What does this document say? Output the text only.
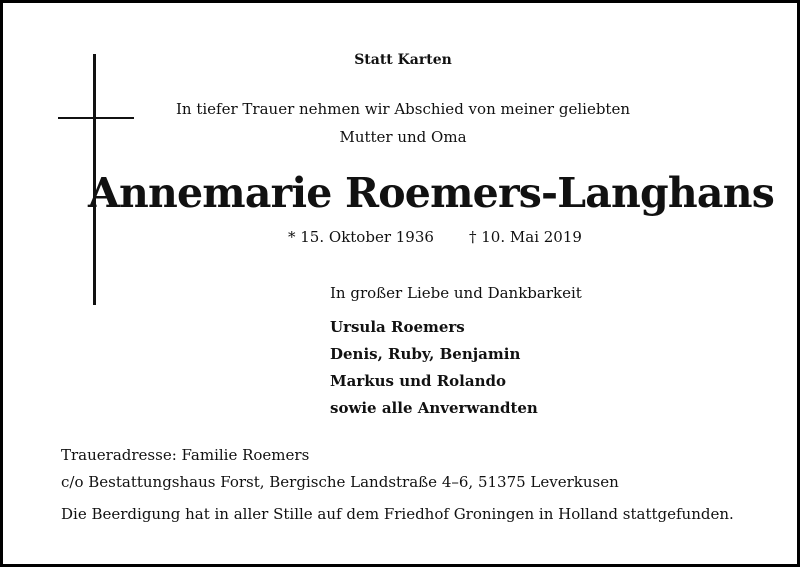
Statt Karten
In tiefer Trauer nehmen wir Abschied von meiner geliebten
Mutter und Oma
Annemarie Roemers-Langhans
* 15. Oktober 1936 † 10. Mai 2019
In großer Liebe und Dankbarkeit
Ursula Roemers
Denis, Ruby, Benjamin
Markus und Rolando
sowie alle Anverwandten
Traueradresse: Familie Roemers
c/o Bestattungshaus Forst, Bergische Landstraße 4–6, 51375 Leverkusen
Die Beerdigung hat in aller Stille auf dem Friedhof Groningen in Holland stattgefunden.
